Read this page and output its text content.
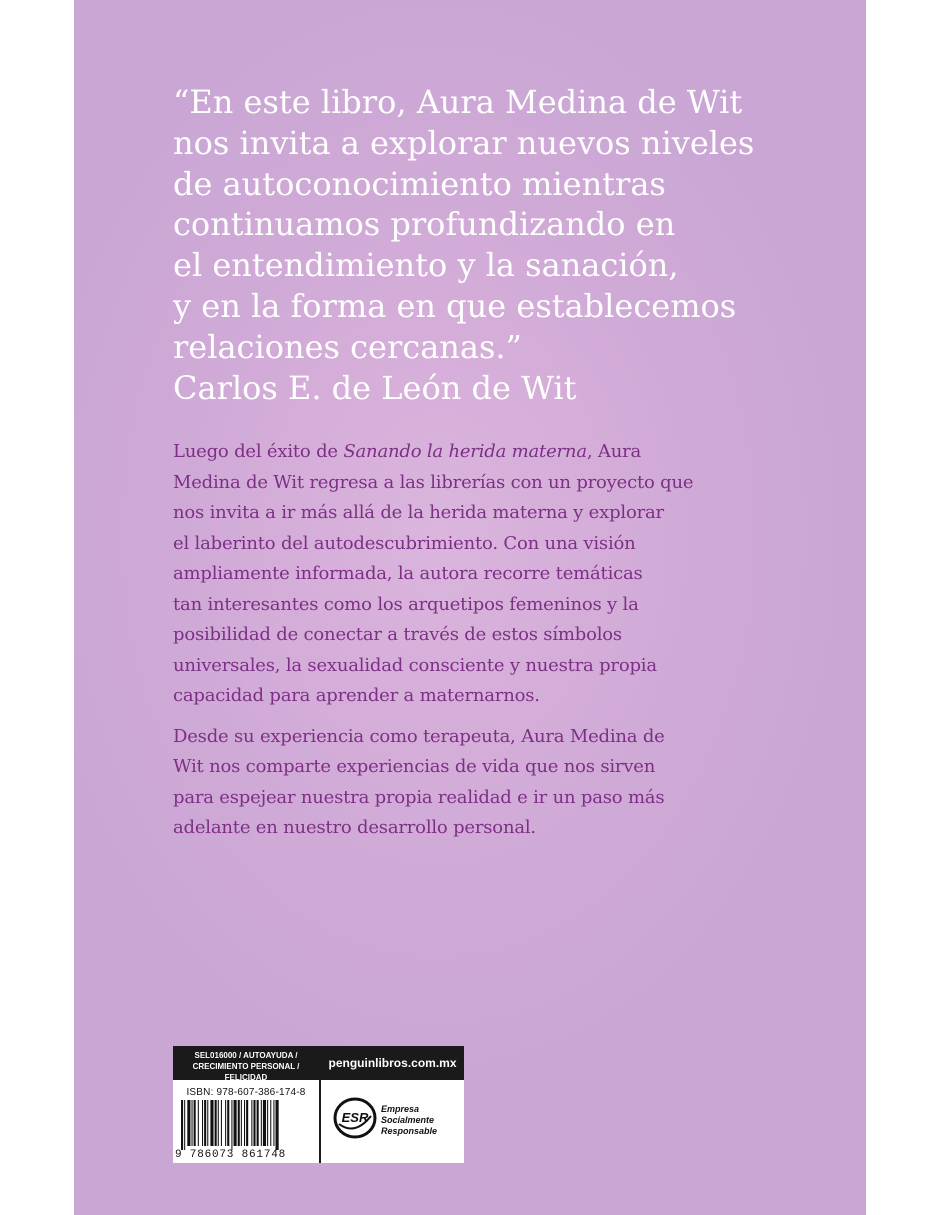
“En este libro, Aura Medina de Wit
nos invita a explorar nuevos niveles
de autoconocimiento mientras
continuamos profundizando en
el entendimiento y la sanación,
y en la forma en que establecemos
relaciones cercanas.”
Carlos E. de León de Wit
Luego del éxito de Sanando la herida materna, Aura
Medina de Wit regresa a las librerías con un proyecto que
nos invita a ir más allá de la herida materna y explorar
el laberinto del autodescubrimiento. Con una visión
ampliamente informada, la autora recorre temáticas
tan interesantes como los arquetipos femeninos y la
posibilidad de conectar a través de estos símbolos
universales, la sexualidad consciente y nuestra propia
capacidad para aprender a maternarnos.
Desde su experiencia como terapeuta, Aura Medina de
Wit nos comparte experiencias de vida que nos sirven
para espejear nuestra propia realidad e ir un paso más
adelante en nuestro desarrollo personal.
SEL016000 / AUTOAYUDA /
CRECIMIENTO PERSONAL / FELICIDAD
penguinlibros.com.mx
ISBN: 978-607-386-174-8
9 786073 861748
ESR
Empresa
Socialmente
Responsable
